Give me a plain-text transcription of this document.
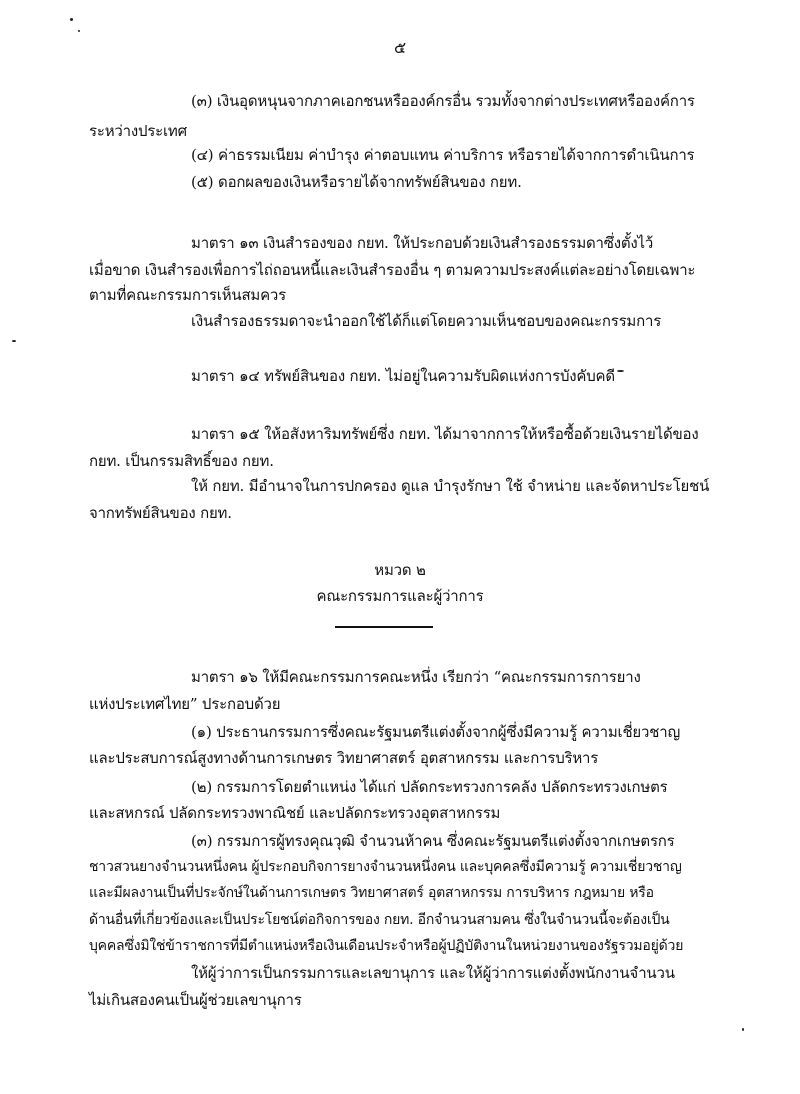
๕
(๓) เงินอุดหนุนจากภาคเอกชนหรือองค์กรอื่น รวมทั้งจากต่างประเทศหรือองค์การ
ระหว่างประเทศ
(๔) ค่าธรรมเนียม ค่าบำรุง ค่าตอบแทน ค่าบริการ หรือรายได้จากการดำเนินการ
(๕) ดอกผลของเงินหรือรายได้จากทรัพย์สินของ กยท.
มาตรา ๑๓ เงินสำรองของ กยท. ให้ประกอบด้วยเงินสำรองธรรมดาซึ่งตั้งไว้
เมื่อขาด เงินสำรองเพื่อการไถ่ถอนหนี้และเงินสำรองอื่น ๆ ตามความประสงค์แต่ละอย่างโดยเฉพาะ
ตามที่คณะกรรมการเห็นสมควร
เงินสำรองธรรมดาจะนำออกใช้ได้ก็แต่โดยความเห็นชอบของคณะกรรมการ
มาตรา ๑๔ ทรัพย์สินของ กยท. ไม่อยู่ในความรับผิดแห่งการบังคับคดี
มาตรา ๑๕ ให้อสังหาริมทรัพย์ซึ่ง กยท. ได้มาจากการให้หรือซื้อด้วยเงินรายได้ของ
กยท. เป็นกรรมสิทธิ์ของ กยท.
ให้ กยท. มีอำนาจในการปกครอง ดูแล บำรุงรักษา ใช้ จำหน่าย และจัดหาประโยชน์
จากทรัพย์สินของ กยท.
หมวด ๒
คณะกรรมการและผู้ว่าการ
มาตรา ๑๖ ให้มีคณะกรรมการคณะหนึ่ง เรียกว่า “คณะกรรมการการยาง
แห่งประเทศไทย” ประกอบด้วย
(๑) ประธานกรรมการซึ่งคณะรัฐมนตรีแต่งตั้งจากผู้ซึ่งมีความรู้ ความเชี่ยวชาญ
และประสบการณ์สูงทางด้านการเกษตร วิทยาศาสตร์ อุตสาหกรรม และการบริหาร
(๒) กรรมการโดยตำแหน่ง ได้แก่ ปลัดกระทรวงการคลัง ปลัดกระทรวงเกษตร
และสหกรณ์ ปลัดกระทรวงพาณิชย์ และปลัดกระทรวงอุตสาหกรรม
(๓) กรรมการผู้ทรงคุณวุฒิ จำนวนห้าคน ซึ่งคณะรัฐมนตรีแต่งตั้งจากเกษตรกร
ชาวสวนยางจำนวนหนึ่งคน ผู้ประกอบกิจการยางจำนวนหนึ่งคน และบุคคลซึ่งมีความรู้ ความเชี่ยวชาญ
และมีผลงานเป็นที่ประจักษ์ในด้านการเกษตร วิทยาศาสตร์ อุตสาหกรรม การบริหาร กฎหมาย หรือ
ด้านอื่นที่เกี่ยวข้องและเป็นประโยชน์ต่อกิจการของ กยท. อีกจำนวนสามคน ซึ่งในจำนวนนี้จะต้องเป็น
บุคคลซึ่งมิใช่ข้าราชการที่มีตำแหน่งหรือเงินเดือนประจำหรือผู้ปฏิบัติงานในหน่วยงานของรัฐรวมอยู่ด้วย
ให้ผู้ว่าการเป็นกรรมการและเลขานุการ และให้ผู้ว่าการแต่งตั้งพนักงานจำนวน
ไม่เกินสองคนเป็นผู้ช่วยเลขานุการ
